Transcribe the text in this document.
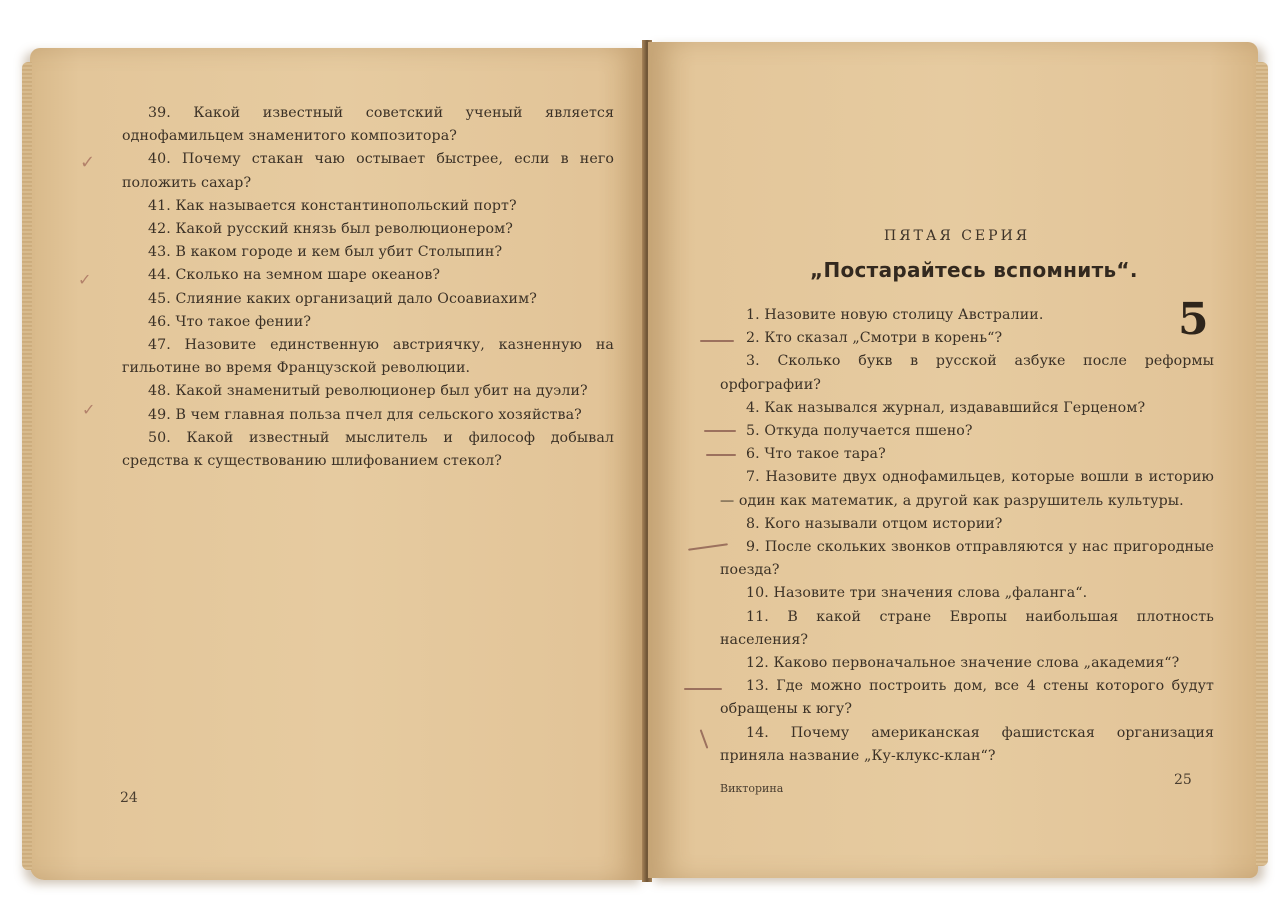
39. Какой известный советский ученый является однофамильцем знаменитого композитора?

40. Почему стакан чаю остывает быстрее, если в него положить сахар?

41. Как называется константинопольский порт?

42. Какой русский князь был революционером?

43. В каком городе и кем был убит Столыпин?

44. Сколько на земном шаре океанов?

45. Слияние каких организаций дало Осоавиахим?

46. Что такое фении?

47. Назовите единственную австриячку, казненную на гильотине во время Французской революции.

48. Какой знаменитый революционер был убит на дуэли?

49. В чем главная польза пчел для сельского хозяйства?

50. Какой известный мыслитель и философ добывал средства к существованию шлифованием стекол?

✓
✓
✓
24
ПЯТАЯ СЕРИЯ
„Постарайтесь вспомнить“.
5

1. Назовите новую столицу Австралии.

2. Кто сказал „Смотри в корень“?

3. Сколько букв в русской азбуке после реформы орфографии?

4. Как назывался журнал, издававшийся Герценом?

5. Откуда получается пшено?

6. Что такое тара?

7. Назовите двух однофамильцев, которые вошли в историю — один как математик, а другой как разрушитель культуры.

8. Кого называли отцом истории?

9. После скольких звонков отправляются у нас пригородные поезда?

10. Назовите три значения слова „фаланга“.

11. В какой стране Европы наибольшая плотность населения?

12. Каково первоначальное значение слова „академия“?

13. Где можно построить дом, все 4 стены которого будут обращены к югу?

14. Почему американская фашистская организация приняла название „Ку-клукс-клан“?

Викторина
25
